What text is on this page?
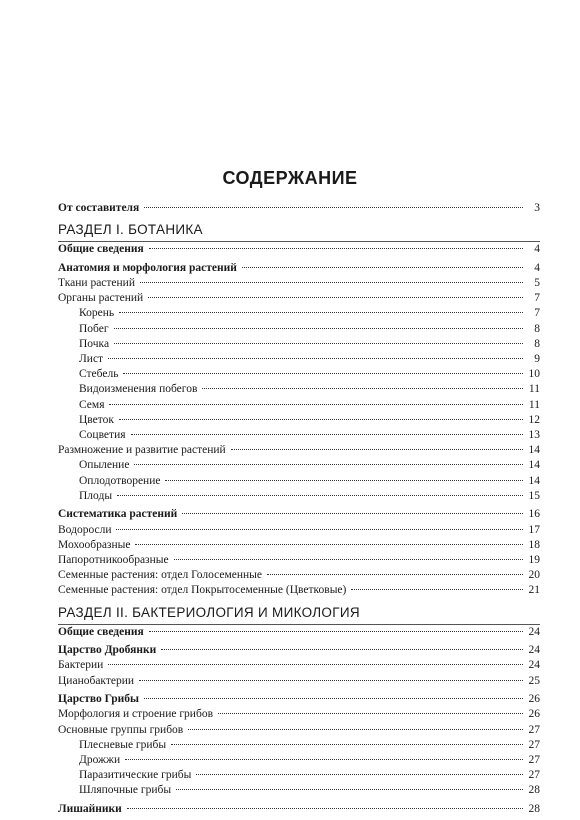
СОДЕРЖАНИЕ
От составителя	3
РАЗДЕЛ I. БОТАНИКА
Общие сведения	4
Анатомия и морфология растений	4
Ткани растений	5
Органы растений	7
Корень	7
Побег	8
Почка	8
Лист	9
Стебель	10
Видоизменения побегов	11
Семя	11
Цветок	12
Соцветия	13
Размножение и развитие растений	14
Опыление	14
Оплодотворение	14
Плоды	15
Систематика растений	16
Водоросли	17
Мохообразные	18
Папоротникообразные	19
Семенные растения: отдел Голосеменные	20
Семенные растения: отдел Покрытосеменные (Цветковые)	21
РАЗДЕЛ II. БАКТЕРИОЛОГИЯ И МИКОЛОГИЯ
Общие сведения	24
Царство Дробянки	24
Бактерии	24
Цианобактерии	25
Царство Грибы	26
Морфология и строение грибов	26
Основные группы грибов	27
Плесневые грибы	27
Дрожжи	27
Паразитические грибы	27
Шляпочные грибы	28
Лишайники	28
